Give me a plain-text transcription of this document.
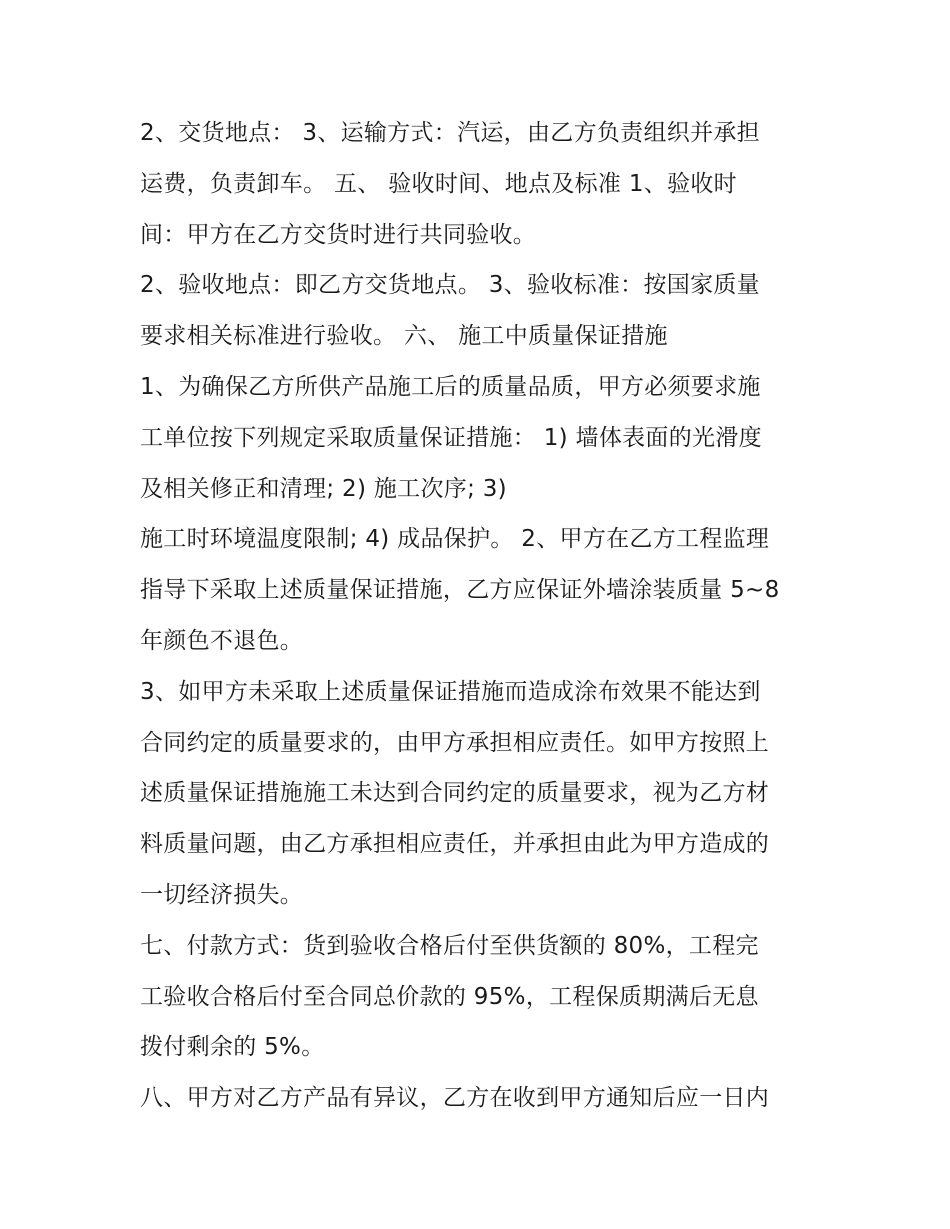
2、交货地点： 3、运输方式：汽运，由乙方负责组织并承担
运费，负责卸车。 五、 验收时间、地点及标准 1、验收时
间：甲方在乙方交货时进行共同验收。
2、验收地点：即乙方交货地点。 3、验收标准：按国家质量
要求相关标准进行验收。 六、 施工中质量保证措施
1、为确保乙方所供产品施工后的质量品质，甲方必须要求施
工单位按下列规定采取质量保证措施： 1) 墙体表面的光滑度
及相关修正和清理; 2) 施工次序; 3)
施工时环境温度限制; 4) 成品保护。 2、甲方在乙方工程监理
指导下采取上述质量保证措施，乙方应保证外墙涂装质量 5~8
年颜色不退色。
3、如甲方未采取上述质量保证措施而造成涂布效果不能达到
合同约定的质量要求的，由甲方承担相应责任。如甲方按照上
述质量保证措施施工未达到合同约定的质量要求，视为乙方材
料质量问题，由乙方承担相应责任，并承担由此为甲方造成的
一切经济损失。
七、付款方式：货到验收合格后付至供货额的 80%，工程完
工验收合格后付至合同总价款的 95%，工程保质期满后无息
拨付剩余的 5%。
八、甲方对乙方产品有异议，乙方在收到甲方通知后应一日内
